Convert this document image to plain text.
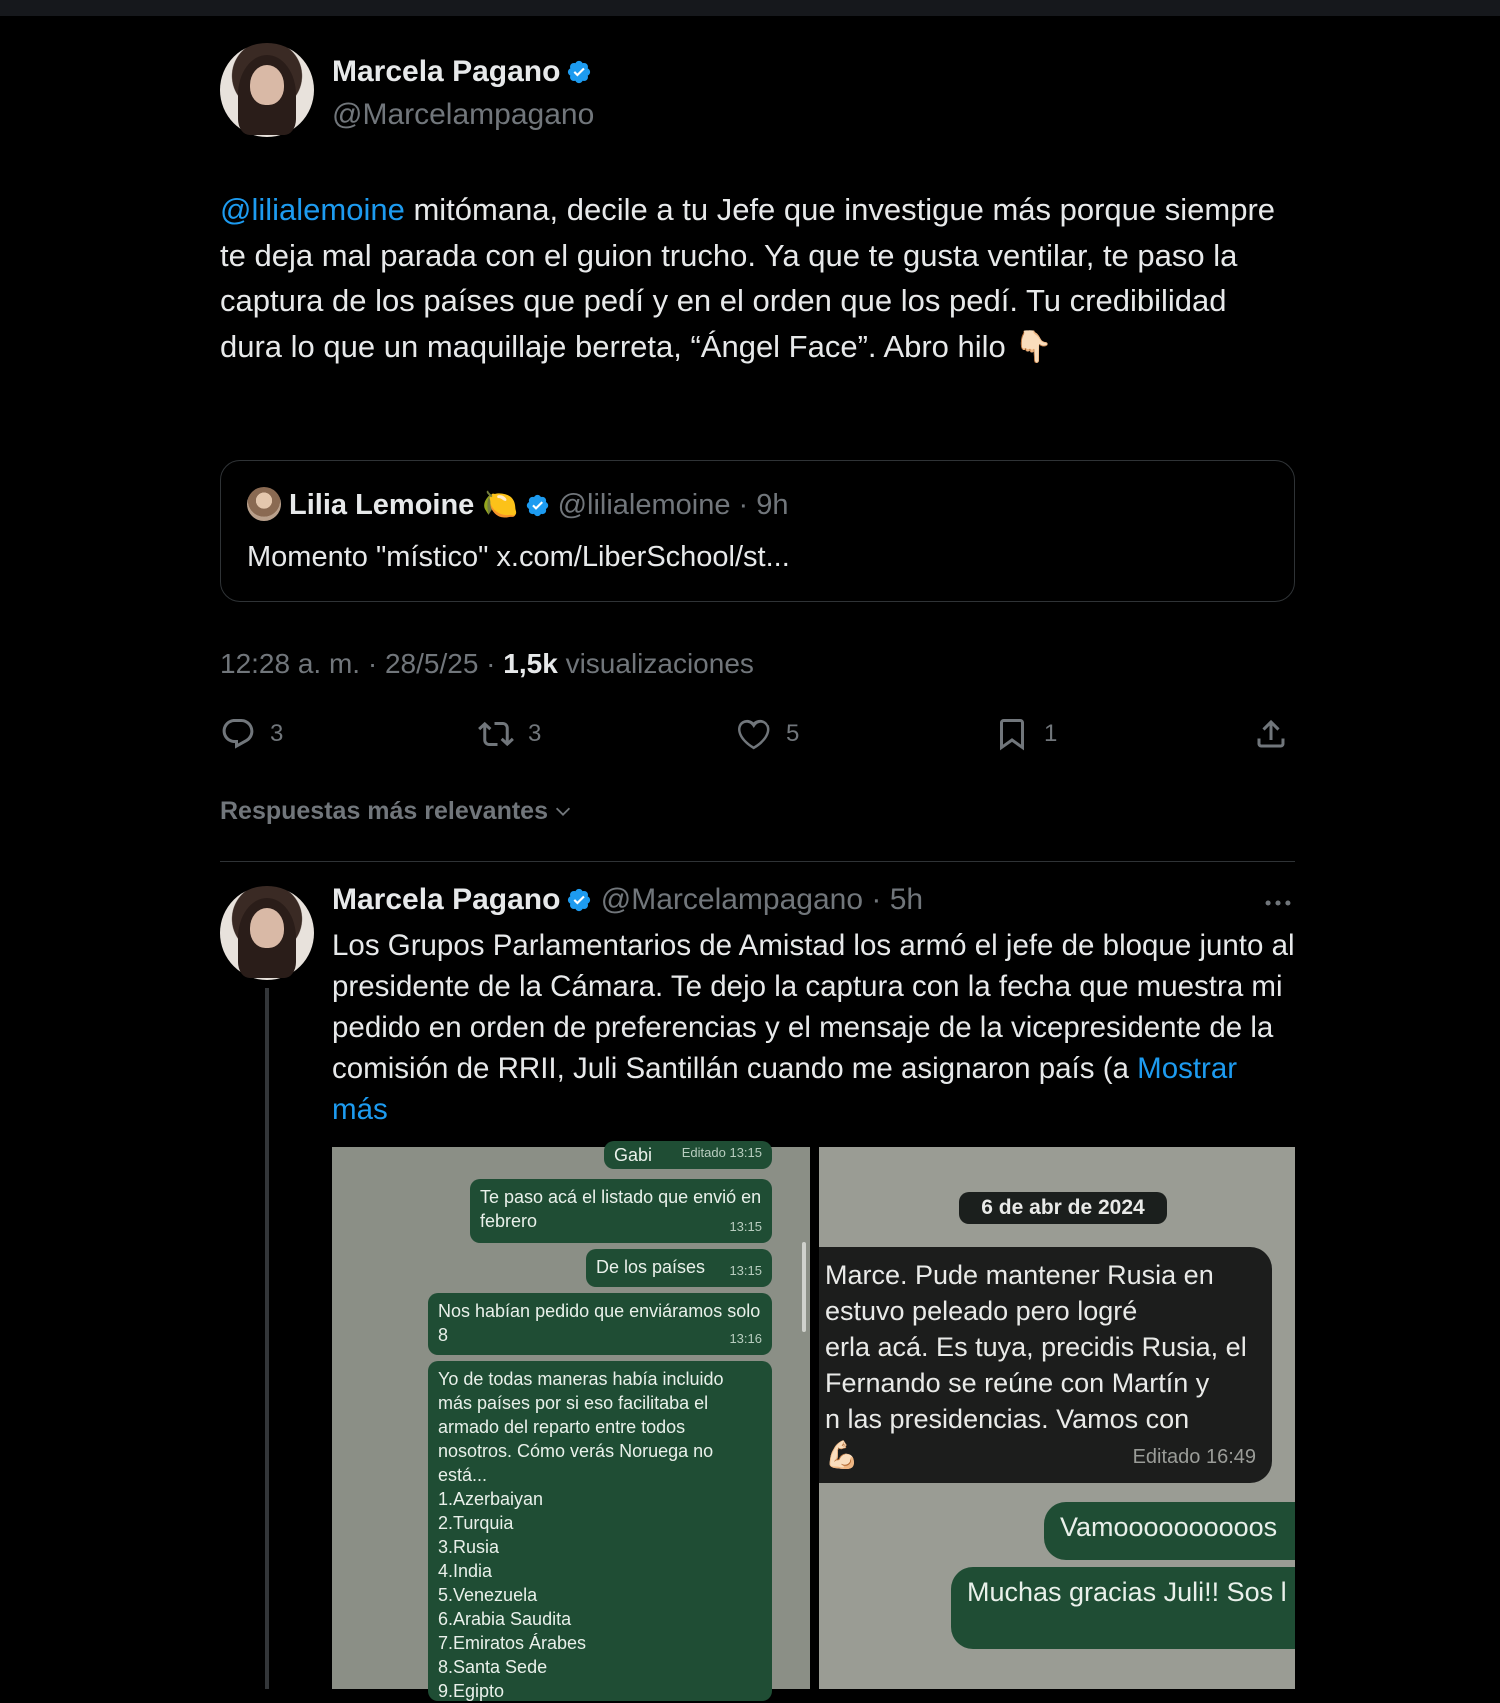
Marcela Pagano
@Marcelampagano
@lilialemoine mitómana, decile a tu Jefe que investigue más porque siempre te deja mal parada con el guion trucho. Ya que te gusta ventilar, te paso la captura de los países que pedí y en el orden que los pedí. Tu credibilidad dura lo que un maquillaje berreta, “Ángel Face”. Abro hilo 👇🏻
Lilia Lemoine 🍋 @lilialemoine · 9h
Momento "místico" x.com/LiberSchool/st...
12:28 a. m. · 28/5/25 · 1,5k visualizaciones
3	3	5	1
Respuestas más relevantes
Marcela Pagano @Marcelampagano · 5h
Los Grupos Parlamentarios de Amistad los armó el jefe de bloque junto al presidente de la Cámara. Te dejo la captura con la fecha que muestra mi pedido en orden de preferencias y el mensaje de la vicepresidente de la comisión de RRII, Juli Santillán cuando me asignaron país (a Mostrar más
Gabi Editado 13:15
Te paso acá el listado que envió en febrero	13:15
De los países 13:15
Nos habían pedido que enviáramos solo 8	13:16
Yo de todas maneras había incluido más países por si eso facilitaba el armado del reparto entre todos nosotros. Cómo verás Noruega no está...
1.Azerbaiyan
2.Turquia
3.Rusia
4.India
5.Venezuela
6.Arabia Saudita
7.Emiratos Árabes
8.Santa Sede
9.Egipto
6 de abr de 2024
Marce. Pude mantener Rusia en
estuvo peleado pero logré
erla acá. Es tuya, precidis Rusia, el
Fernando se reúne con Martín y
n las presidencias. Vamos con
💪🏻	Editado 16:49
Vamoooooooooos
Muchas gracias Juli!! Sos l
